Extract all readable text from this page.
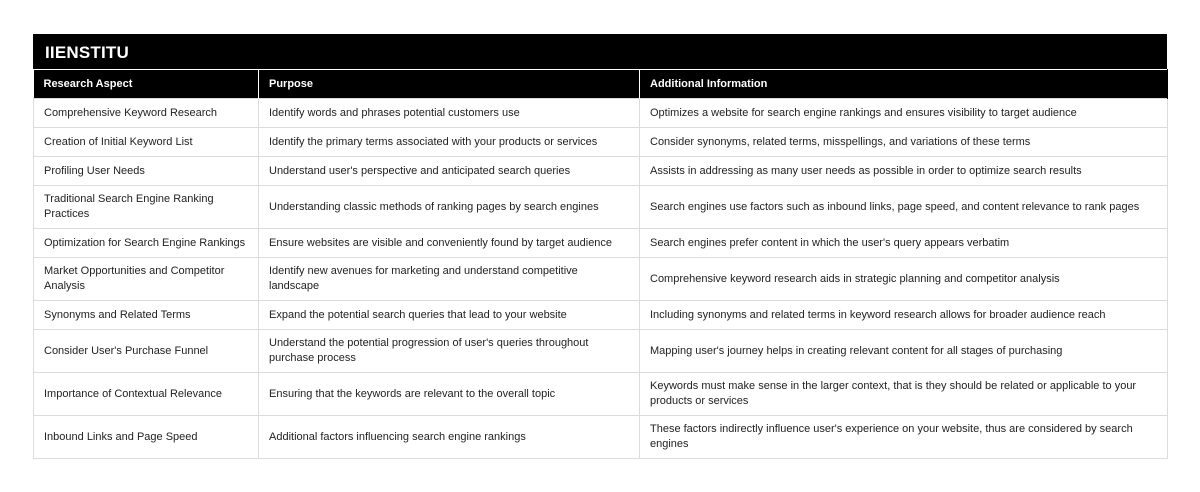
IIENSTITU
Research Aspect	Purpose	Additional Information
Comprehensive Keyword Research	Identify words and phrases potential customers use	Optimizes a website for search engine rankings and ensures visibility to target audience
Creation of Initial Keyword List	Identify the primary terms associated with your products or services	Consider synonyms, related terms, misspellings, and variations of these terms
Profiling User Needs	Understand user's perspective and anticipated search queries	Assists in addressing as many user needs as possible in order to optimize search results
Traditional Search Engine Ranking Practices	Understanding classic methods of ranking pages by search engines	Search engines use factors such as inbound links, page speed, and content relevance to rank pages
Optimization for Search Engine Rankings	Ensure websites are visible and conveniently found by target audience	Search engines prefer content in which the user's query appears verbatim
Market Opportunities and Competitor Analysis	Identify new avenues for marketing and understand competitive landscape	Comprehensive keyword research aids in strategic planning and competitor analysis
Synonyms and Related Terms	Expand the potential search queries that lead to your website	Including synonyms and related terms in keyword research allows for broader audience reach
Consider User's Purchase Funnel	Understand the potential progression of user's queries throughout purchase process	Mapping user's journey helps in creating relevant content for all stages of purchasing
Importance of Contextual Relevance	Ensuring that the keywords are relevant to the overall topic	Keywords must make sense in the larger context, that is they should be related or applicable to your products or services
Inbound Links and Page Speed	Additional factors influencing search engine rankings	These factors indirectly influence user's experience on your website, thus are considered by search engines
